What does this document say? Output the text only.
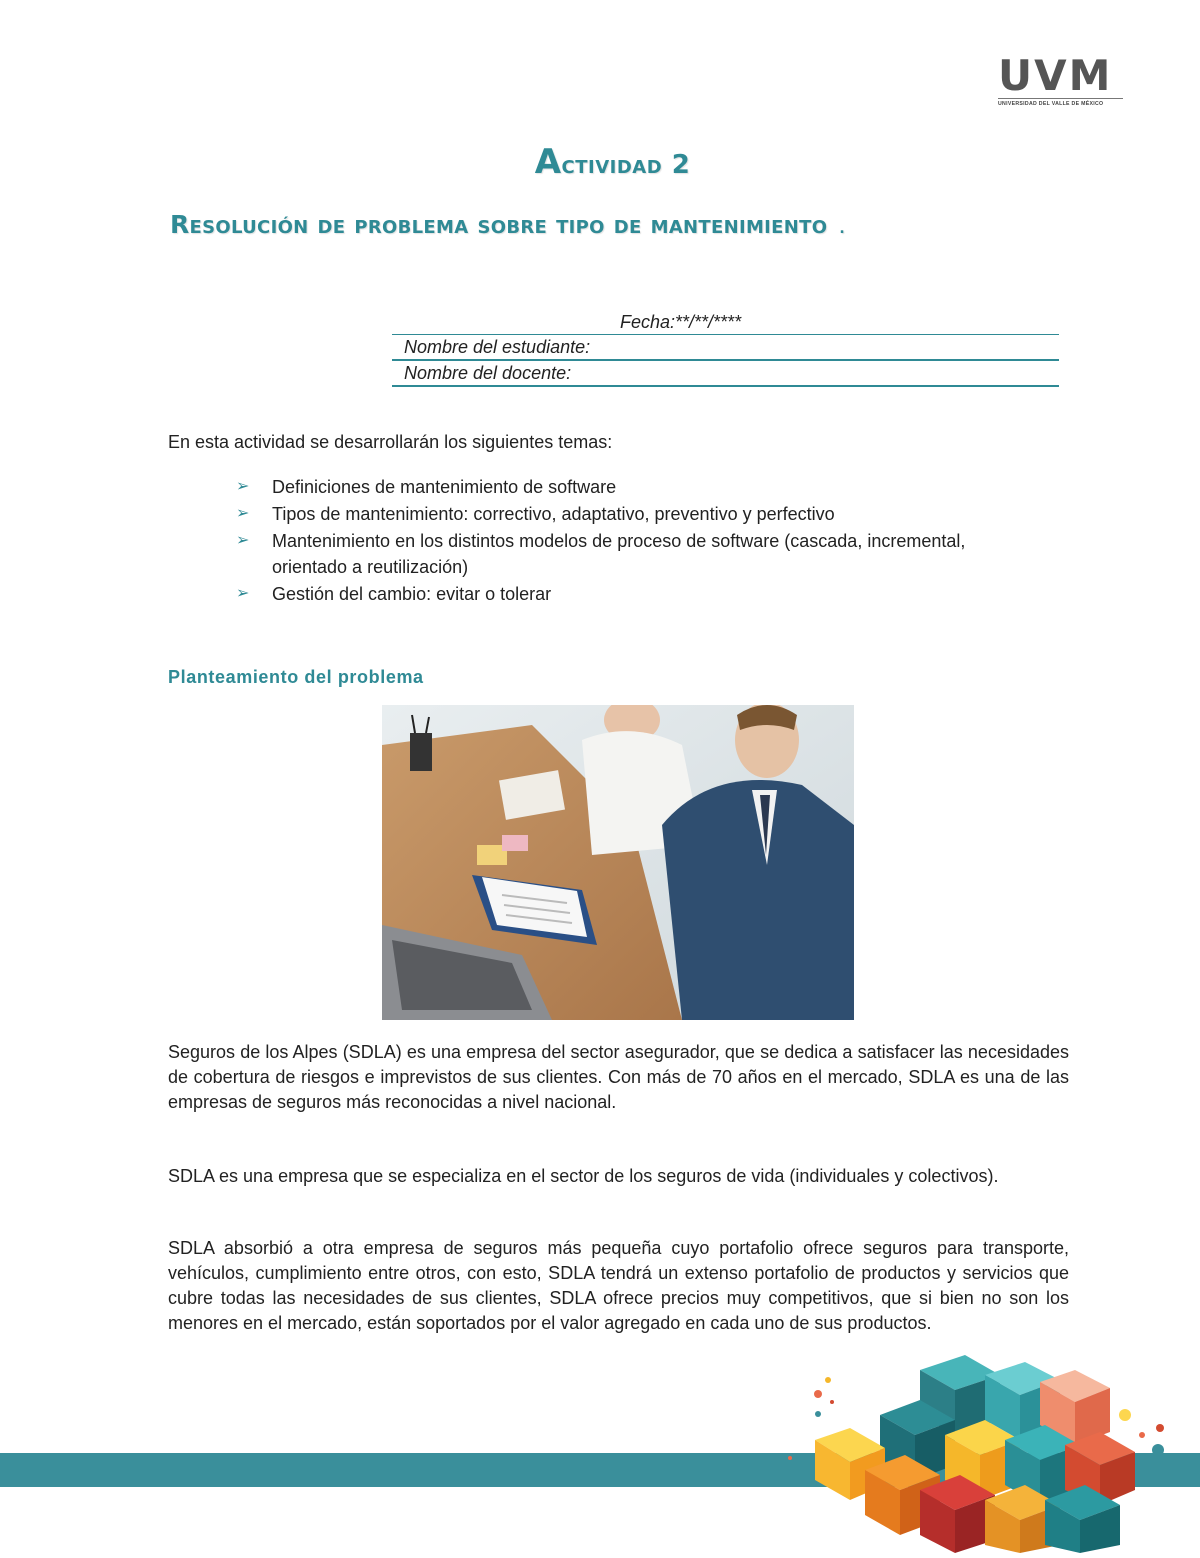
UVM
UNIVERSIDAD DEL VALLE DE MÉXICO
Actividad 2
Resolución de problema sobre tipo de mantenimiento .
Fecha:**/**/****
Nombre del estudiante:
Nombre del docente:
En esta actividad se desarrollarán los siguientes temas:
➢ Definiciones de mantenimiento de software
➢ Tipos de mantenimiento: correctivo, adaptativo, preventivo y perfectivo
➢ Mantenimiento en los distintos modelos de proceso de software (cascada, incremental, orientado a reutilización)
➢ Gestión del cambio: evitar o tolerar
Planteamiento del problema

Seguros de los Alpes (SDLA) es una empresa del sector asegurador, que se dedica a satisfacer las necesidades de cobertura de riesgos e imprevistos de sus clientes. Con más de 70 años en el mercado, SDLA es una de las empresas de seguros más reconocidas a nivel nacional.

SDLA es una empresa que se especializa en el sector de los seguros de vida (individuales y colectivos).

SDLA absorbió a otra empresa de seguros más pequeña cuyo portafolio ofrece seguros para transporte, vehículos, cumplimiento entre otros, con esto, SDLA tendrá un extenso portafolio de productos y servicios que cubre todas las necesidades de sus clientes, SDLA ofrece precios muy competitivos, que si bien no son los menores en el mercado, están soportados por el valor agregado en cada uno de sus productos.
